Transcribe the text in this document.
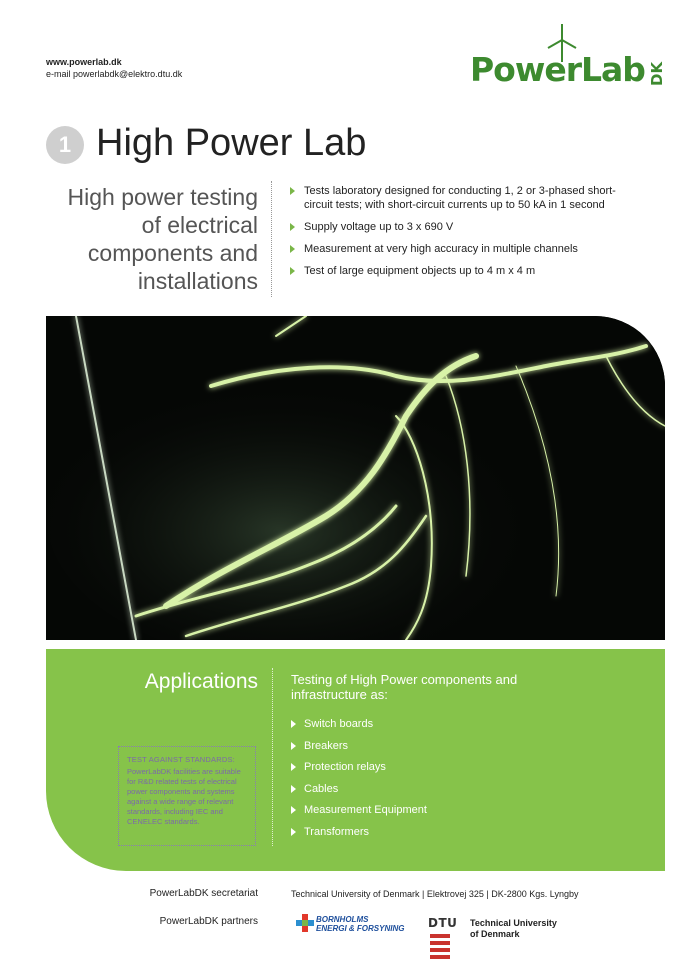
www.powerlab.dk
e-mail powerlabdk@elektro.dtu.dk	PowerLab DK
1 High Power Lab
High power testing
of electrical
components and
installations
Tests laboratory designed for conducting 1, 2 or 3-phased short-circuit tests; with short-circuit currents up to 50 kA in 1 second
Supply voltage up to 3 x 690 V
Measurement at very high accuracy in multiple channels
Test of large equipment objects up to 4 m x 4 m
Applications	Testing of High Power components and infrastructure as:
Switch boards
Breakers
Protection relays
Cables
Measurement Equipment
Transformers
TEST AGAINST STANDARDS:
PowerLabDK facilities are suitable for R&D related tests of electrical power components and systems against a wide range of relevant standards, including IEC and CENELEC standards.
PowerLabDK secretariat	Technical University of Denmark | Elektrovej 325 | DK-2800 Kgs. Lyngby
PowerLabDK partners	BORNHOLMS
ENERGI & FORSYNING DTU Technical University
of Denmark
